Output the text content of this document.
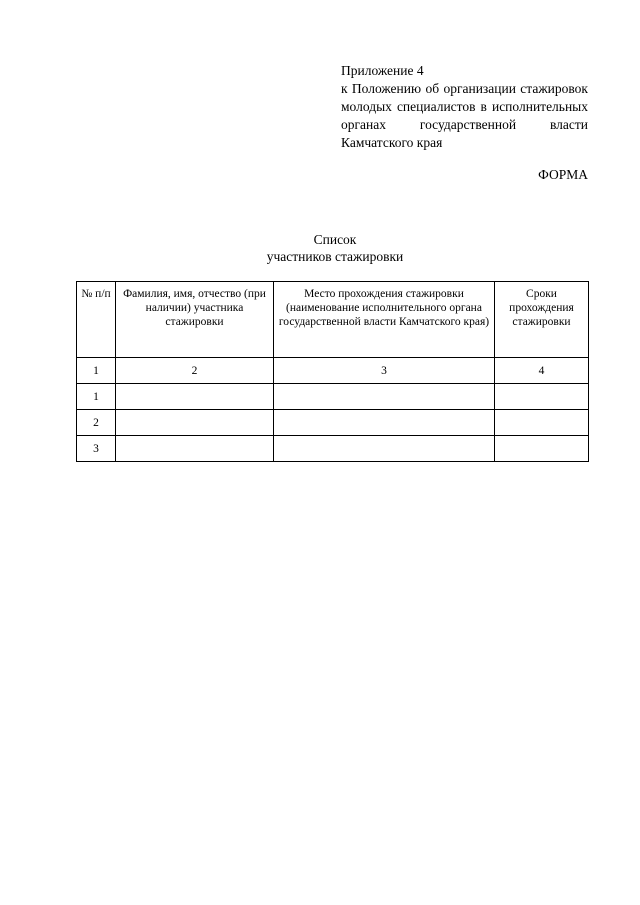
Приложение 4
к Положению об организации стажировок молодых специалистов в исполнительных органах государственной власти Камчатского края
ФОРМА
Список
участников стажировки
№ п/п	Фамилия, имя, отчество (при наличии) участника стажировки	Место прохождения стажировки (наименование исполнительного органа государственной власти Камчатского края)	Сроки прохождения стажировки
1	2	3	4
1			
2			
3			
